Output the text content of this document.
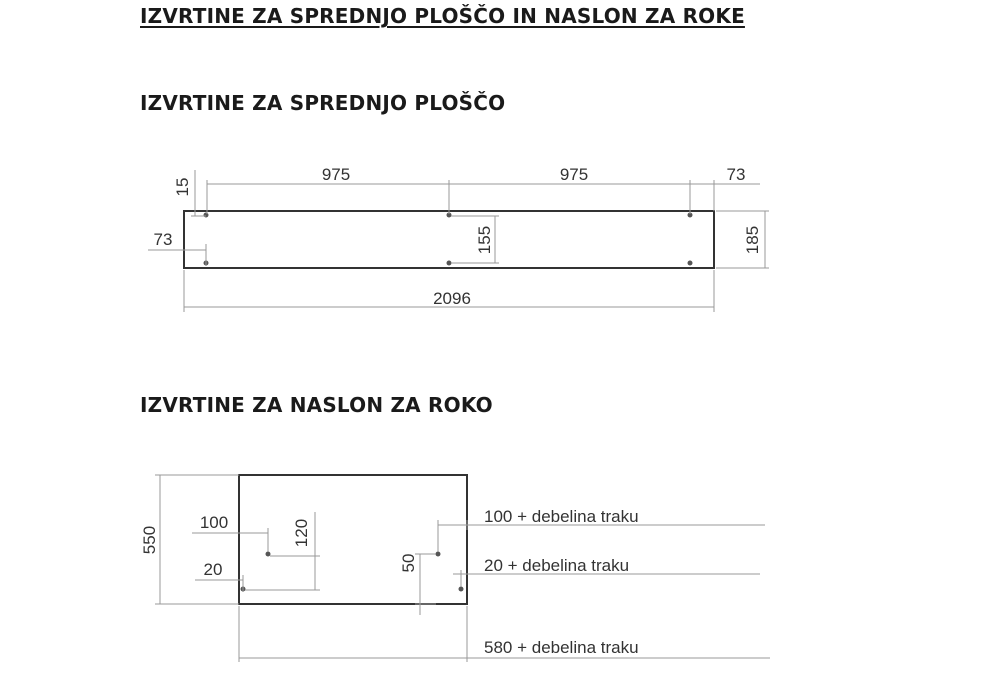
IZVRTINE ZA SPREDNJO PLOŠČO IN NASLON ZA ROKE
IZVRTINE ZA SPREDNJO PLOŠČO
IZVRTINE ZA NASLON ZA ROKO
975	975	73
15
73	155	185
2096
550
100	120
20	50
100 + debelina traku
20 + debelina traku
580 + debelina traku
